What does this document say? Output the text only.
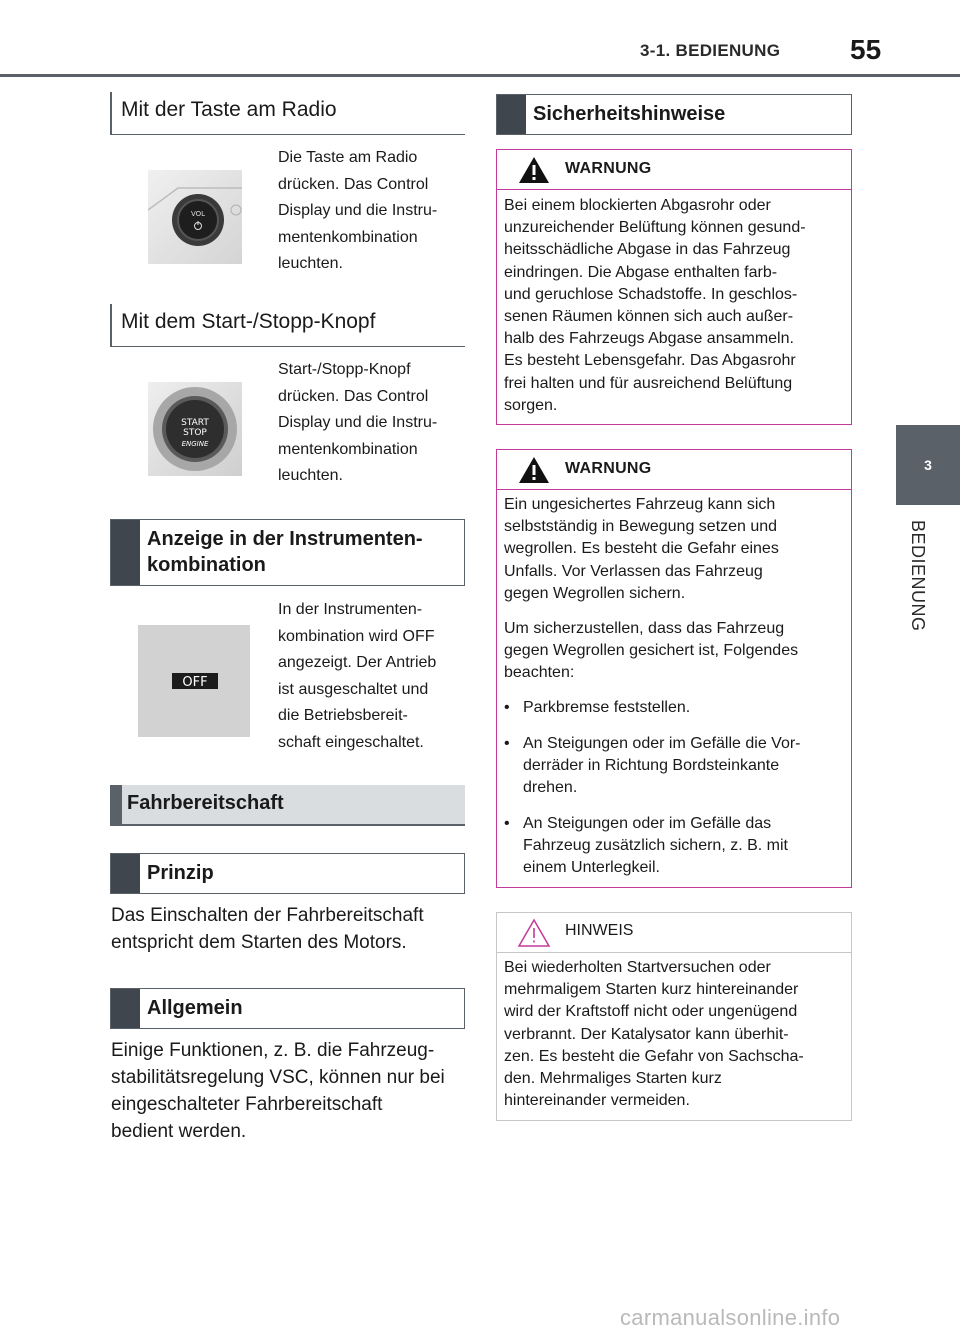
3-1. BEDIENUNG 55
3
BEDIENUNG
Mit der Taste am Radio
VOL
Die Taste am Radio
drücken. Das Control
Display und die Instru-
mentenkombination
leuchten.
Mit dem Start-/Stopp-Knopf
START
STOP
ENGINE
Start-/Stopp-Knopf
drücken. Das Control
Display und die Instru-
mentenkombination
leuchten.
Anzeige in der Instrumenten-
kombination
OFF
In der Instrumenten-
kombination wird OFF
angezeigt. Der Antrieb
ist ausgeschaltet und
die Betriebsbereit-
schaft eingeschaltet.
Fahrbereitschaft
Prinzip
Das Einschalten der Fahrbereitschaft
entspricht dem Starten des Motors.
Allgemein
Einige Funktionen, z. B. die Fahrzeug-
stabilitätsregelung VSC, können nur bei
eingeschalteter Fahrbereitschaft
bedient werden.
Sicherheitshinweise
WARNUNG
Bei einem blockierten Abgasrohr oder
unzureichender Belüftung können gesund-
heitsschädliche Abgase in das Fahrzeug
eindringen. Die Abgase enthalten farb-
und geruchlose Schadstoffe. In geschlos-
senen Räumen können sich auch außer-
halb des Fahrzeugs Abgase ansammeln.
Es besteht Lebensgefahr. Das Abgasrohr
frei halten und für ausreichend Belüftung
sorgen.
WARNUNG
Ein ungesichertes Fahrzeug kann sich
selbstständig in Bewegung setzen und
wegrollen. Es besteht die Gefahr eines
Unfalls. Vor Verlassen das Fahrzeug
gegen Wegrollen sichern.
Um sicherzustellen, dass das Fahrzeug
gegen Wegrollen gesichert ist, Folgendes
beachten:
• Parkbremse feststellen.
• An Steigungen oder im Gefälle die Vor-
derräder in Richtung Bordsteinkante
drehen.
• An Steigungen oder im Gefälle das
Fahrzeug zusätzlich sichern, z. B. mit
einem Unterlegkeil.
HINWEIS
Bei wiederholten Startversuchen oder
mehrmaligem Starten kurz hintereinander
wird der Kraftstoff nicht oder ungenügend
verbrannt. Der Katalysator kann überhit-
zen. Es besteht die Gefahr von Sachscha-
den. Mehrmaliges Starten kurz
hintereinander vermeiden.
carmanualsonline.info
